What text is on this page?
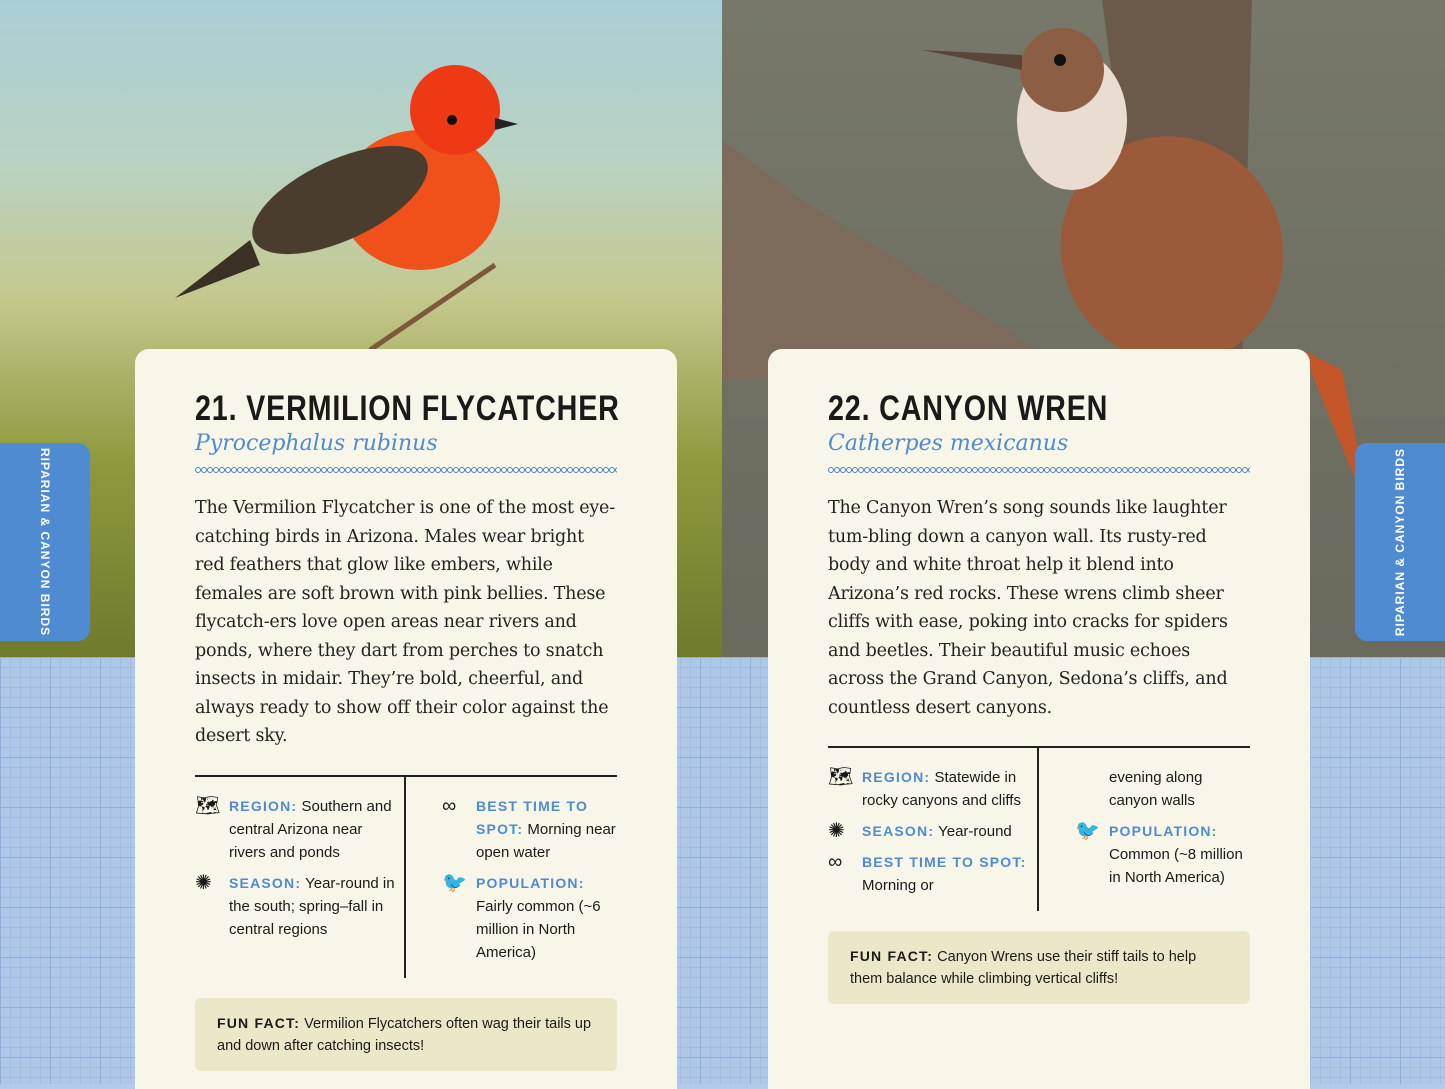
RIPARIAN & CANYON BIRDS	RIPARIAN & CANYON BIRDS
21. VERMILION FLYCATCHER
Pyrocephalus rubinus

The Vermilion Flycatcher is one of the most eye-catching birds in Arizona. Males wear bright red feathers that glow like embers, while females are soft brown with pink bellies. These flycatch-ers love open areas near rivers and ponds, where they dart from perches to snatch insects in midair. They’re bold, cheerful, and always ready to show off their color against the desert sky.

🗺 REGION: Southern and central Arizona near rivers and ponds
✺ SEASON: Year-round in the south; spring–fall in central regions
∞ BEST TIME TO SPOT: Morning near open water
🐦 POPULATION: Fairly common (~6 million in North America)
FUN FACT: Vermilion Flycatchers often wag their tails up and down after catching insects!
22. CANYON WREN
Catherpes mexicanus

The Canyon Wren’s song sounds like laughter tum-bling down a canyon wall. Its rusty-red body and white throat help it blend into Arizona’s red rocks. These wrens climb sheer cliffs with ease, poking into cracks for spiders and beetles. Their beautiful music echoes across the Grand Canyon, Sedona’s cliffs, and countless desert canyons.

🗺 REGION: Statewide in rocky canyons and cliffs
✺ SEASON: Year-round
∞ BEST TIME TO SPOT: Morning or
evening along canyon walls
🐦 POPULATION: Common (~8 million in North America)
FUN FACT: Canyon Wrens use their stiff tails to help them balance while climbing vertical cliffs!
